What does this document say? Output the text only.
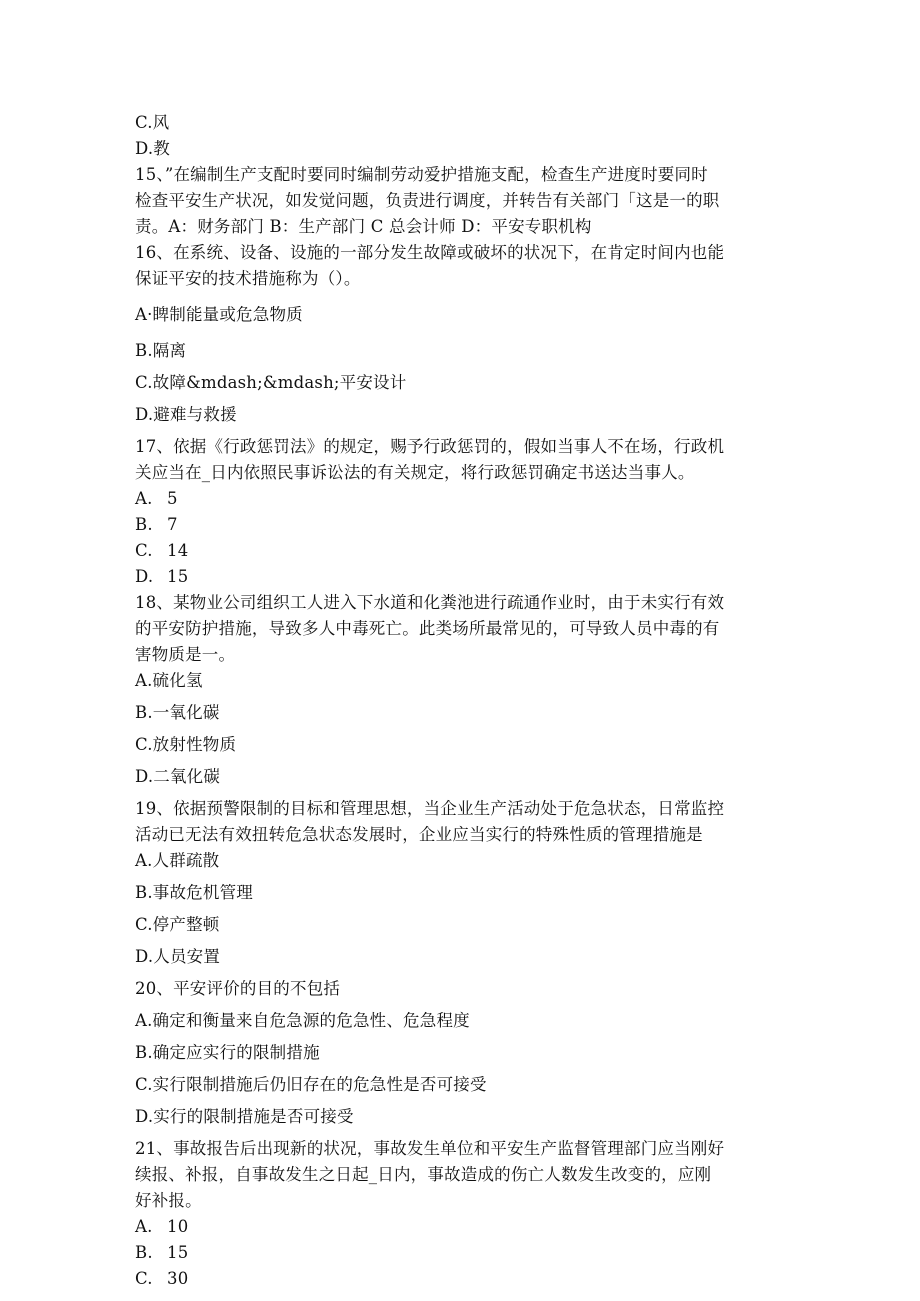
C.风
D.教
15、”在编制生产支配时要同时编制劳动爱护措施支配，检查生产进度时要同时
检查平安生产状况，如发觉问题，负责进行调度，并转告有关部门「这是一的职
责。A：财务部门 B：生产部门 C 总会计师 D：平安专职机构
16、在系统、设备、设施的一部分发生故障或破坏的状况下，在肯定时间内也能
保证平安的技术措施称为（）。
A·睥制能量或危急物质
B.隔离
C.故障&mdash;&mdash;平安设计
D.避难与救援
17、依据《行政惩罚法》的规定，赐予行政惩罚的，假如当事人不在场，行政机
关应当在_日内依照民事诉讼法的有关规定，将行政惩罚确定书送达当事人。
A. 5
B. 7
C. 14
D. 15
18、某物业公司组织工人进入下水道和化粪池进行疏通作业时，由于未实行有效
的平安防护措施，导致多人中毒死亡。此类场所最常见的，可导致人员中毒的有
害物质是一。
A.硫化氢
B.一氧化碳
C.放射性物质
D.二氧化碳
19、依据预警限制的目标和管理思想，当企业生产活动处于危急状态，日常监控
活动已无法有效扭转危急状态发展时，企业应当实行的特殊性质的管理措施是
A.人群疏散
B.事故危机管理
C.停产整顿
D.人员安置
20、平安评价的目的不包括
A.确定和衡量来自危急源的危急性、危急程度
B.确定应实行的限制措施
C.实行限制措施后仍旧存在的危急性是否可接受
D.实行的限制措施是否可接受
21、事故报告后出现新的状况，事故发生单位和平安生产监督管理部门应当刚好
续报、补报，自事故发生之日起_日内，事故造成的伤亡人数发生改变的，应刚
好补报。
A. 10
B. 15
C. 30
